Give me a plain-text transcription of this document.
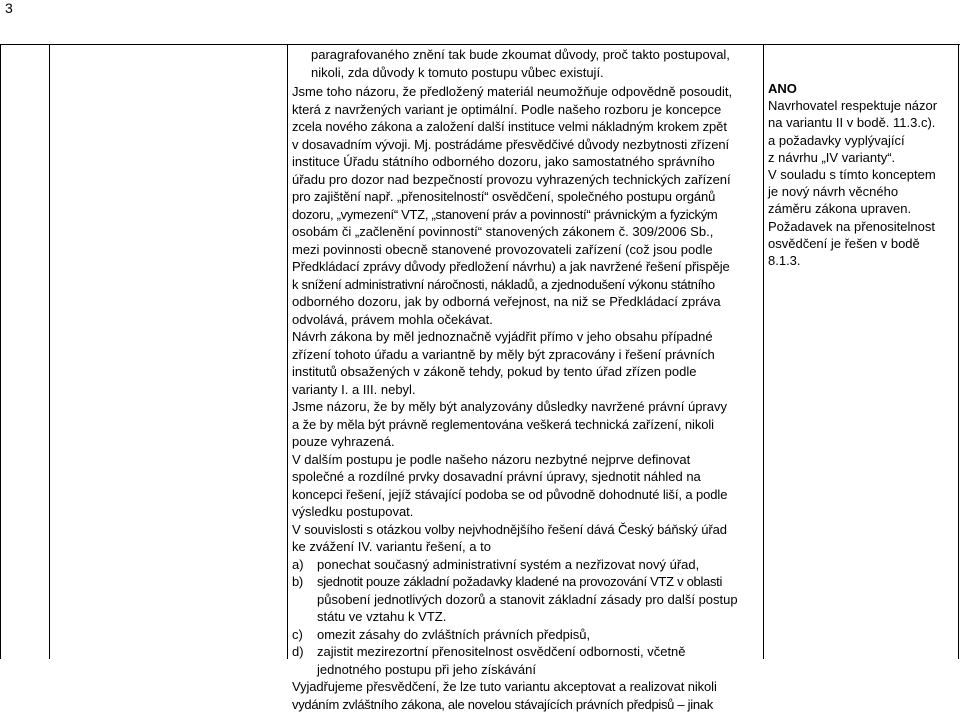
3
paragrafovaného znění tak bude zkoumat důvody, proč takto postupoval,
nikoli, zda důvody k tomuto postupu vůbec existují.
Jsme toho názoru, že předložený materiál neumožňuje odpovědně posoudit,
která z navržených variant je optimální. Podle našeho rozboru je koncepce
zcela nového zákona a založení další instituce velmi nákladným krokem zpět
v dosavadním vývoji. Mj. postrádáme přesvědčivé důvody nezbytnosti zřízení
instituce Úřadu státního odborného dozoru, jako samostatného správního
úřadu pro dozor nad bezpečností provozu vyhrazených technických zařízení
pro zajištění např. „přenositelností“ osvědčení, společného postupu orgánů
dozoru, „vymezení“ VTZ, „stanovení práv a povinností“ právnickým a fyzickým
osobám či „začlenění povinností“ stanovených zákonem č. 309/2006 Sb.,
mezi povinnosti obecně stanovené provozovateli zařízení (což jsou podle
Předkládací zprávy důvody předložení návrhu) a jak navržené řešení přispěje
k snížení administrativní náročnosti, nákladů, a zjednodušení výkonu státního
odborného dozoru, jak by odborná veřejnost, na niž se Předkládací zpráva
odvolává, právem mohla očekávat.
Návrh zákona by měl jednoznačně vyjádřit přímo v jeho obsahu případné
zřízení tohoto úřadu a variantně by měly být zpracovány i řešení právních
institutů obsažených v zákoně tehdy, pokud by tento úřad zřízen podle
varianty I. a III. nebyl.
Jsme názoru, že by měly být analyzovány důsledky navržené právní úpravy
a že by měla být právně reglementována veškerá technická zařízení, nikoli
pouze vyhrazená.
V dalším postupu je podle našeho názoru nezbytné nejprve definovat
společné a rozdílné prvky dosavadní právní úpravy, sjednotit náhled na
koncepci řešení, jejíž stávající podoba se od původně dohodnuté liší, a podle
výsledku postupovat.
V souvislosti s otázkou volby nejvhodnějšího řešení dává Český báňský úřad
ke zvážení IV. variantu řešení, a to
a) ponechat současný administrativní systém a nezřizovat nový úřad,
b) sjednotit pouze základní požadavky kladené na provozování VTZ v oblasti
působení jednotlivých dozorů a stanovit základní zásady pro další postup
státu ve vztahu k VTZ.
c) omezit zásahy do zvláštních právních předpisů,
d) zajistit mezirezortní přenositelnost osvědčení odbornosti, včetně
jednotného postupu při jeho získávání
Vyjadřujeme přesvědčení, že lze tuto variantu akceptovat a realizovat nikoli
vydáním zvláštního zákona, ale novelou stávajících právních předpisů – jinak
ANO
Navrhovatel respektuje názor
na variantu II v bodě. 11.3.c).
a požadavky vyplývající
z návrhu „IV varianty“.
V souladu s tímto konceptem
je nový návrh věcného
záměru zákona upraven.
Požadavek na přenositelnost
osvědčení je řešen v bodě
8.1.3.
